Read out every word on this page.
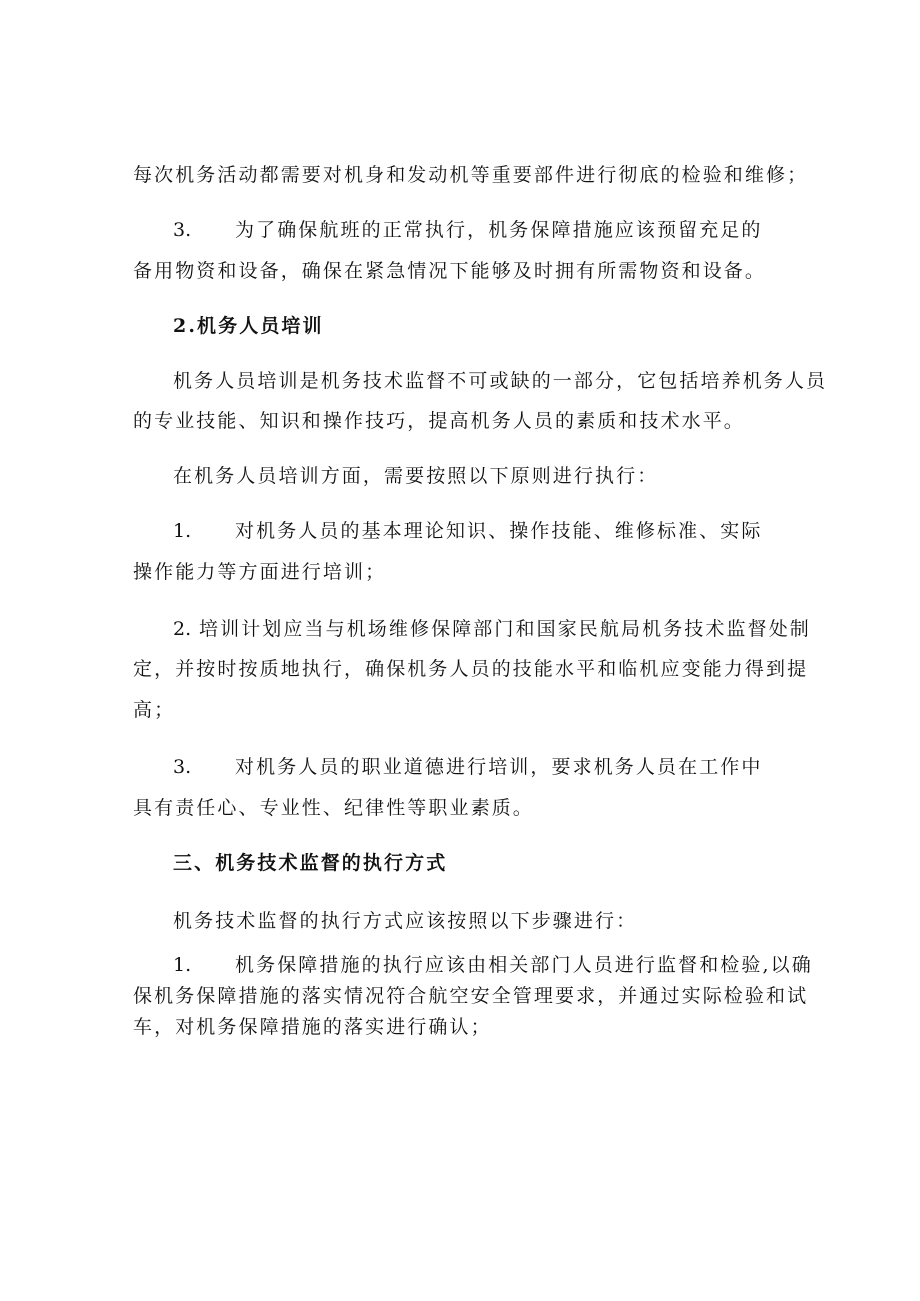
每次机务活动都需要对机身和发动机等重要部件进行彻底的检验和维修；
3. 为了确保航班的正常执行，机务保障措施应该预留充足的
备用物资和设备，确保在紧急情况下能够及时拥有所需物资和设备。
2.机务人员培训
机务人员培训是机务技术监督不可或缺的一部分，它包括培养机务人员
的专业技能、知识和操作技巧，提高机务人员的素质和技术水平。
在机务人员培训方面，需要按照以下原则进行执行：
1. 对机务人员的基本理论知识、操作技能、维修标准、实际
操作能力等方面进行培训；
2. 培训计划应当与机场维修保障部门和国家民航局机务技术监督处制
定，并按时按质地执行，确保机务人员的技能水平和临机应变能力得到提
高；
3. 对机务人员的职业道德进行培训，要求机务人员在工作中
具有责任心、专业性、纪律性等职业素质。
三、机务技术监督的执行方式
机务技术监督的执行方式应该按照以下步骤进行：
1. 机务保障措施的执行应该由相关部门人员进行监督和检验,以确
保机务保障措施的落实情况符合航空安全管理要求，并通过实际检验和试
车，对机务保障措施的落实进行确认；
